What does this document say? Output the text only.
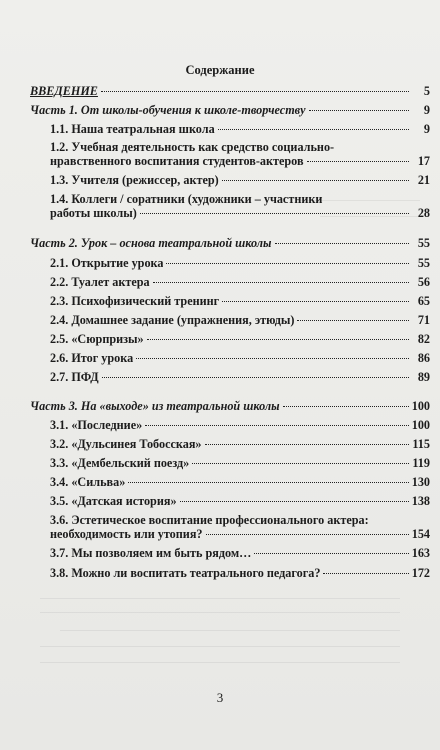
Содержание
ВВЕДЕНИЕ	5
Часть 1. От школы-обучения к школе-творчеству	9
1.1. Наша театральная школа	9
1.2. Учебная деятельность как средство социально-
нравственного воспитания студентов-актеров	17
1.3. Учителя (режиссер, актер)	21
1.4. Коллеги / соратники (художники – участники
работы школы)	28
Часть 2. Урок – основа театральной школы	55
2.1. Открытие урока	55
2.2. Туалет актера	56
2.3. Психофизический тренинг	65
2.4. Домашнее задание (упражнения, этюды)	71
2.5. «Сюрпризы»	82
2.6. Итог урока	86
2.7. ПФД	89
Часть 3. На «выходе» из театральной школы	100
3.1. «Последние»	100
3.2. «Дульсинея Тобосская»	115
3.3. «Дембельский поезд»	119
3.4. «Сильва»	130
3.5. «Датская история»	138
3.6. Эстетическое воспитание профессионального актера:
необходимость или утопия?	154
3.7. Мы позволяем им быть рядом…	163
3.8. Можно ли воспитать театрального педагога?	172
3
